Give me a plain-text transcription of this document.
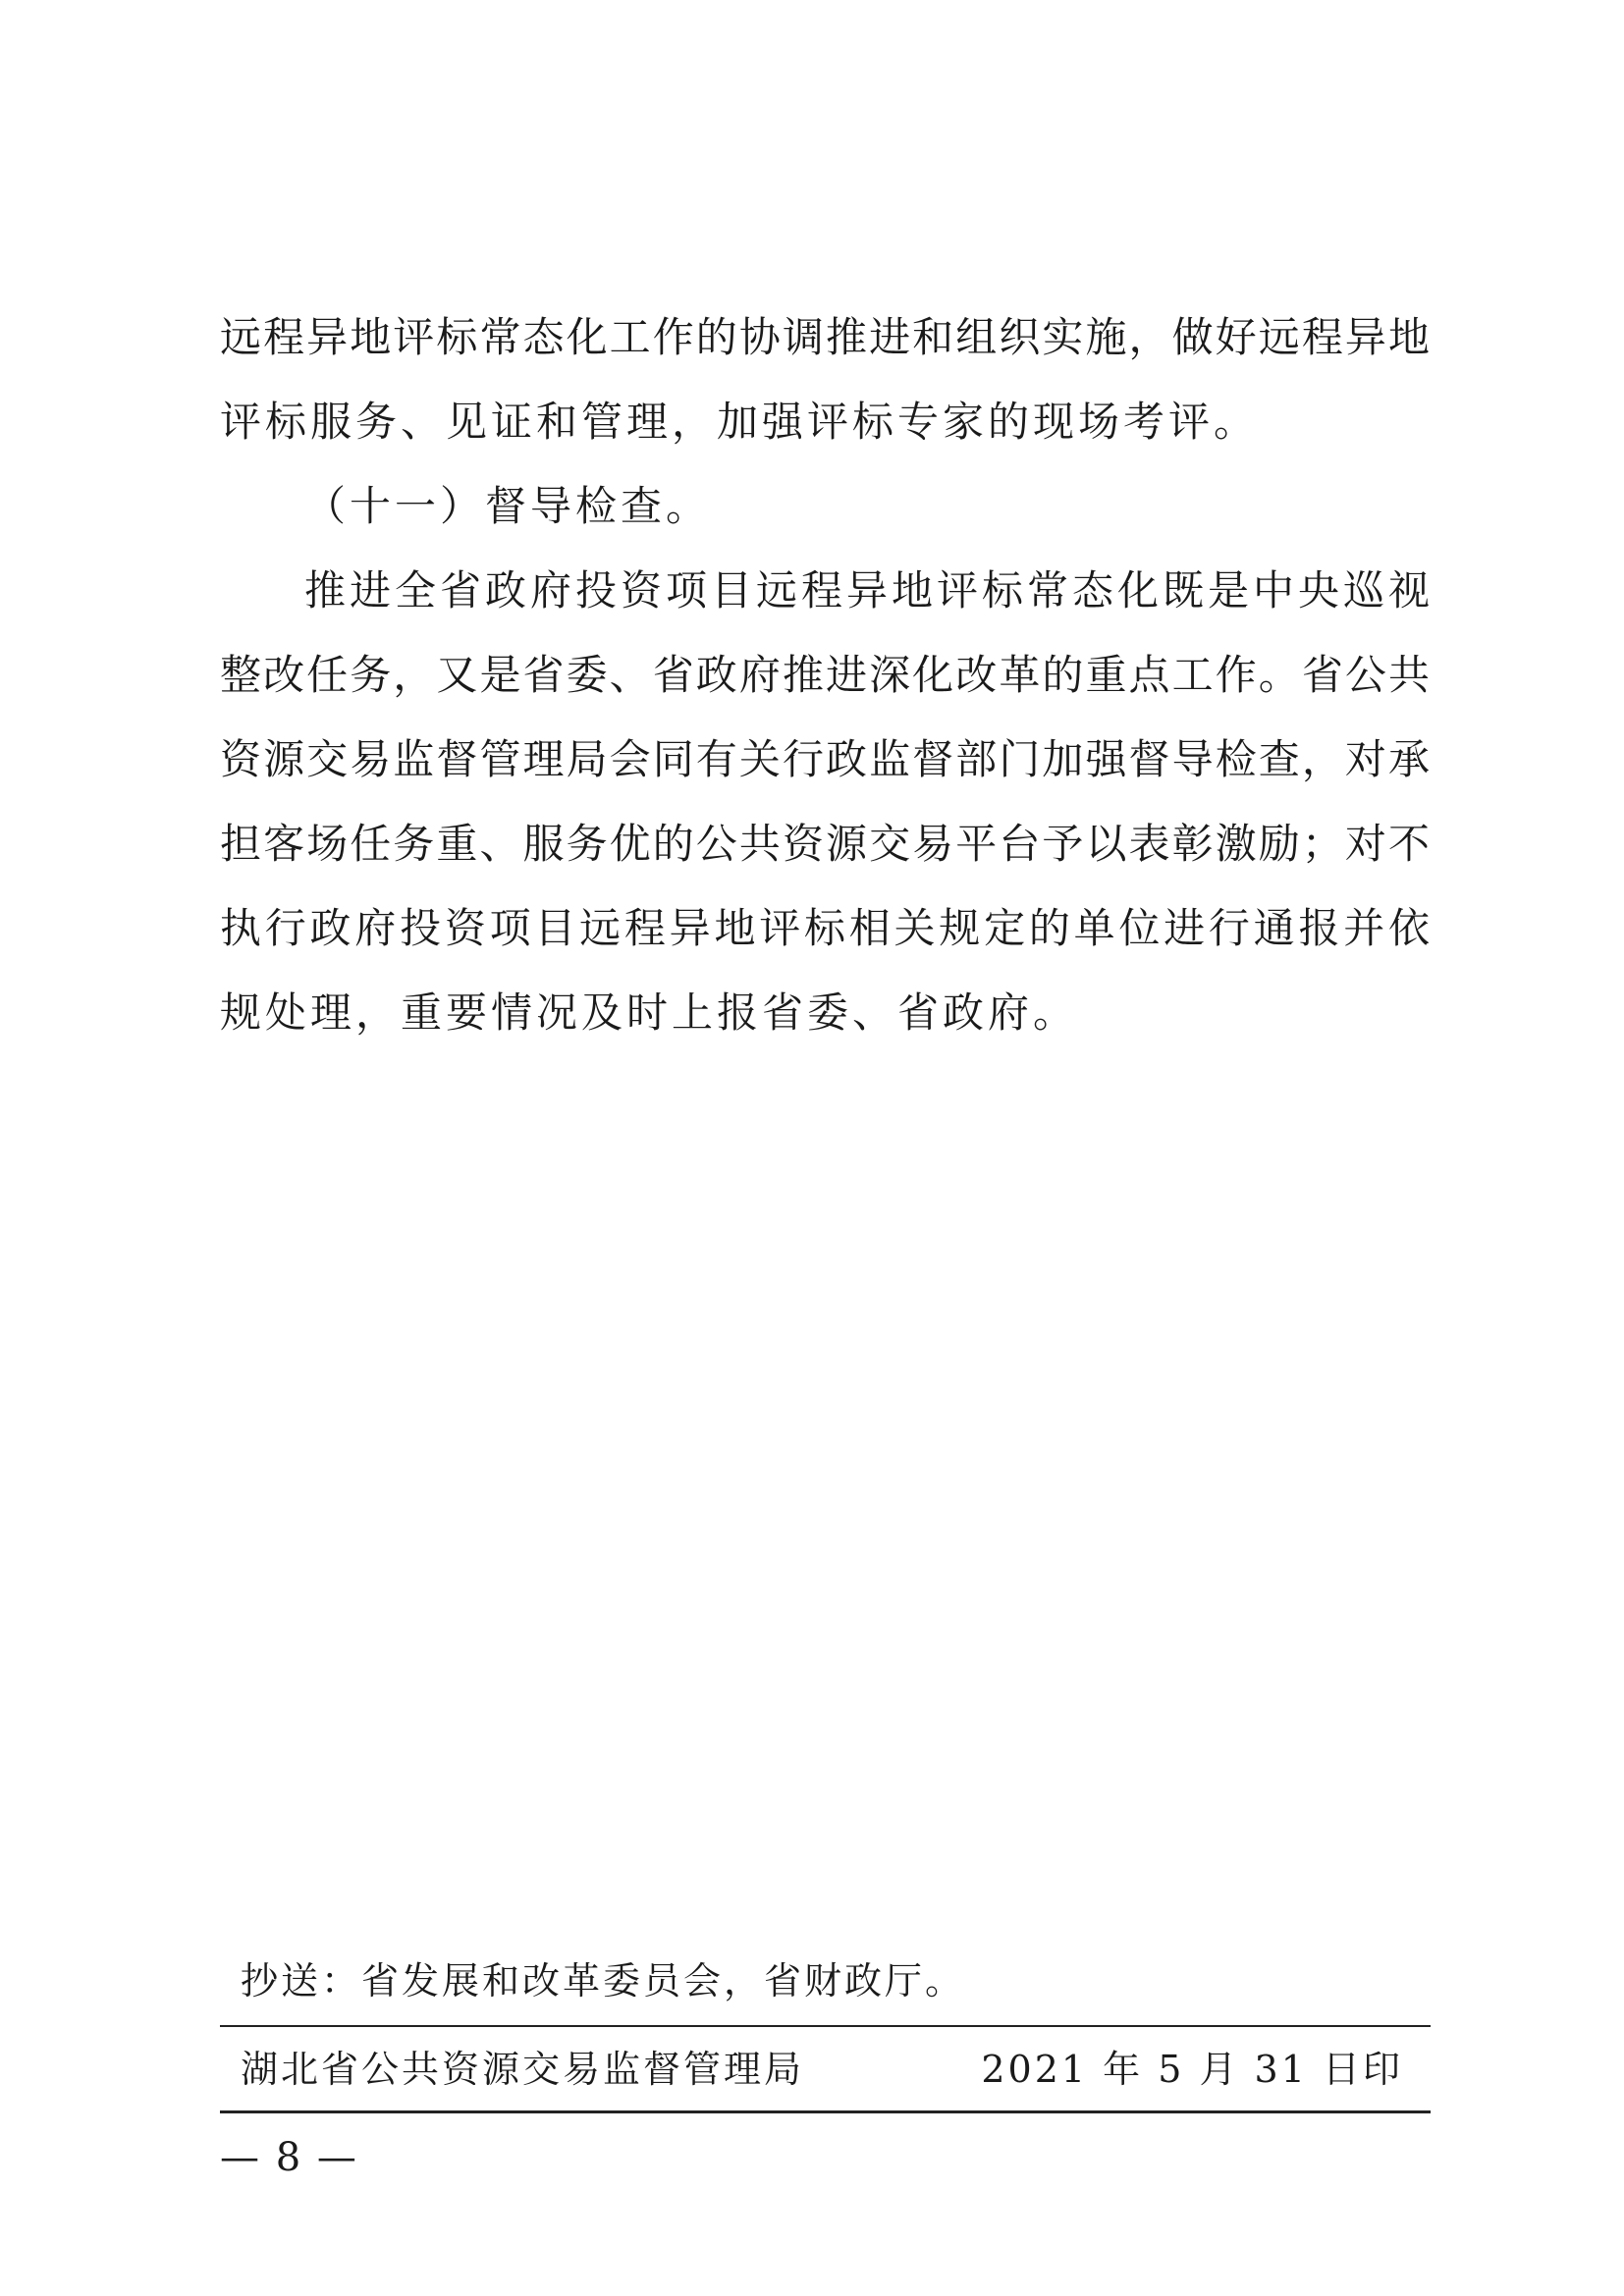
远程异地评标常态化工作的协调推进和组织实施，做好远程异地
评标服务、见证和管理，加强评标专家的现场考评。
（十一）督导检查。
推进全省政府投资项目远程异地评标常态化既是中央巡视
整改任务，又是省委、省政府推进深化改革的重点工作。省公共
资源交易监督管理局会同有关行政监督部门加强督导检查，对承
担客场任务重、服务优的公共资源交易平台予以表彰激励；对不
执行政府投资项目远程异地评标相关规定的单位进行通报并依
规处理，重要情况及时上报省委、省政府。
抄送：省发展和改革委员会，省财政厅。
湖北省公共资源交易监督管理局	2021 年 5 月 31 日印
— 8 —
